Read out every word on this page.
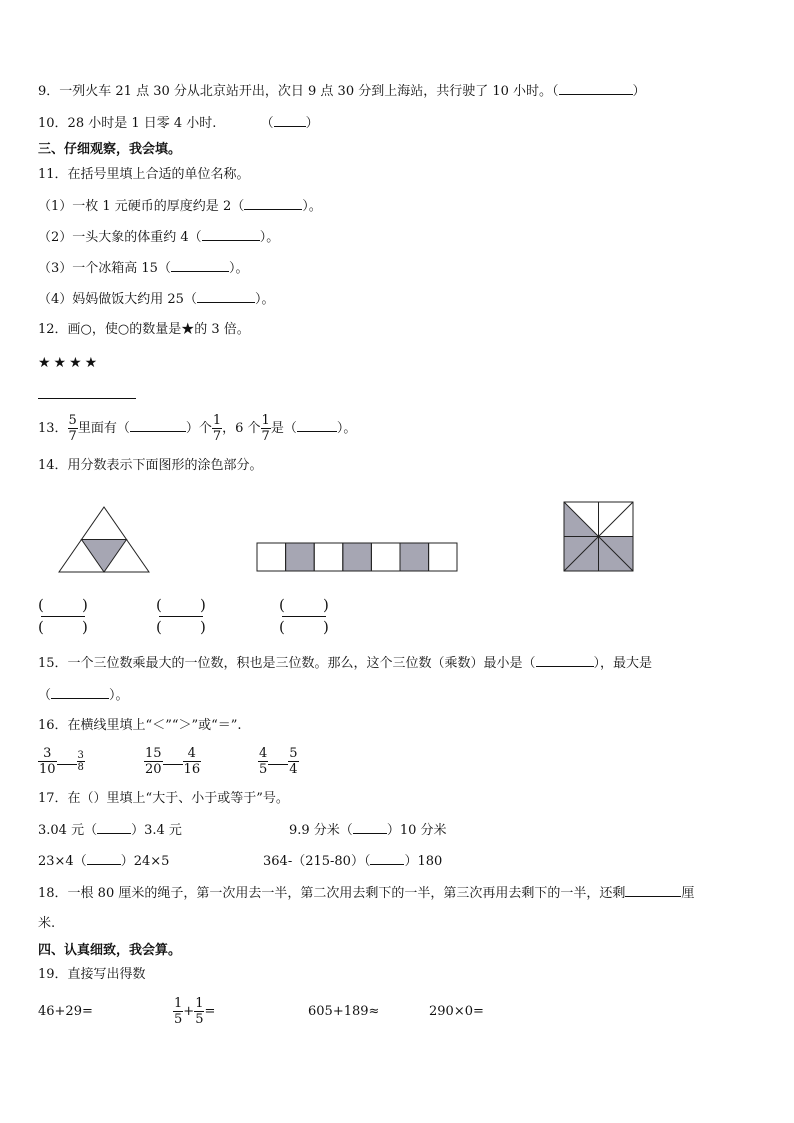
9．一列火车 21 点 30 分从北京站开出，次日 9 点 30 分到上海站，共行驶了 10 小时。（	）
10．28 小时是 1 日零 4 小时.	（ ）
三、仔细观察，我会填。
11．在括号里填上合适的单位名称。
（1）一枚 1 元硬币的厚度约是 2（	）。
（2）一头大象的体重约 4（	）。
（3）一个冰箱高 15（	）。
（4）妈妈做饭大约用 25（	）。
12．画○，使○的数量是★的 3 倍。
★★★★
13． $\frac{5}{7}$ 里面有（	）个 $\frac{1}{7}$ ，6 个 $\frac{1}{7}$ 是（	）。
14．用分数表示下面图形的涂色部分。
(	)
(	)
(	)
(	)
(	)
(	)
15．一个三位数乘最大的一位数，积也是三位数。那么，这个三位数（乘数）最小是（	），最大是
（	）。
16．在横线里填上“＜”“＞”或“＝”.
$\frac{3}{10} \frac{3}{8}$	$\frac{15}{20} \frac{4}{16}$	$\frac{4}{5} \frac{5}{4}$
17．在（）里填上“大于、小于或等于”号。
3.04 元（	）3.4 元	9.9 分米（	）10 分米
23×4（	）24×5	364-（215-80）（	）180
18．一根 80 厘米的绳子，第一次用去一半，第二次用去剩下的一半，第三次再用去剩下的一半，还剩	厘
米.
四、认真细致，我会算。
19．直接写出得数
46+29=	$\frac{1}{5} + \frac{1}{5}$ =	605+189≈	290×0=
